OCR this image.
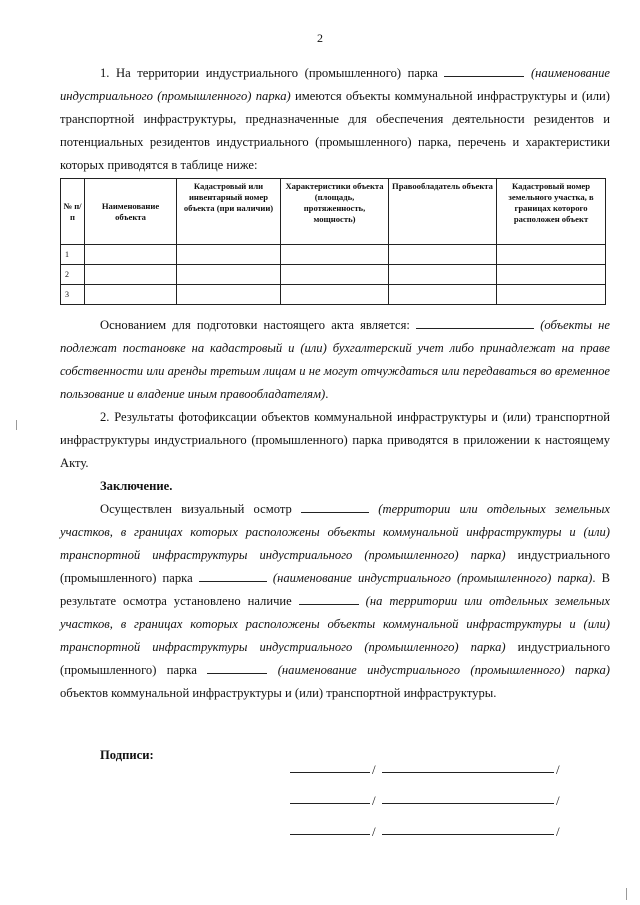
2
1. На территории индустриального (промышленного) парка	(наименование индустриального (промышленного) парка) имеются объекты коммунальной инфраструктуры и (или) транспортной инфраструктуры, предназначенные для обеспечения деятельности резидентов и потенциальных резидентов индустриального (промышленного) парка, перечень и характеристики которых приводятся в таблице ниже:
№ п/п	Наименование объекта	Кадастровый или инвентарный номер объекта (при наличии)	Характеристики объекта (площадь, протяженность, мощность)	Правообладатель объекта	Кадастровый номер земельного участка, в границах которого расположен объект
1					
2					
3					
Основанием для подготовки настоящего акта является:	(объекты не подлежат постановке на кадастровый и (или) бухгалтерский учет либо принадлежат на праве собственности или аренды третьим лицам и не могут отчуждаться или передаваться во временное пользование и владение иным правообладателям).
2. Результаты фотофиксации объектов коммунальной инфраструктуры и (или) транспортной инфраструктуры индустриального (промышленного) парка приводятся в приложении к настоящему Акту.
Заключение.
Осуществлен визуальный осмотр	(территории или отдельных земельных участков, в границах которых расположены объекты коммунальной инфраструктуры и (или) транспортной инфраструктуры индустриального (промышленного) парка) индустриального (промышленного) парка	(наименование индустриального (промышленного) парка). В результате осмотра установлено наличие	(на территории или отдельных земельных участков, в границах которых расположены объекты коммунальной инфраструктуры и (или) транспортной инфраструктуры индустриального (промышленного) парка) индустриального (промышленного) парка	(наименование индустриального (промышленного) парка) объектов коммунальной инфраструктуры и (или) транспортной инфраструктуры.
Подписи:
/	/
/	/
/	/
